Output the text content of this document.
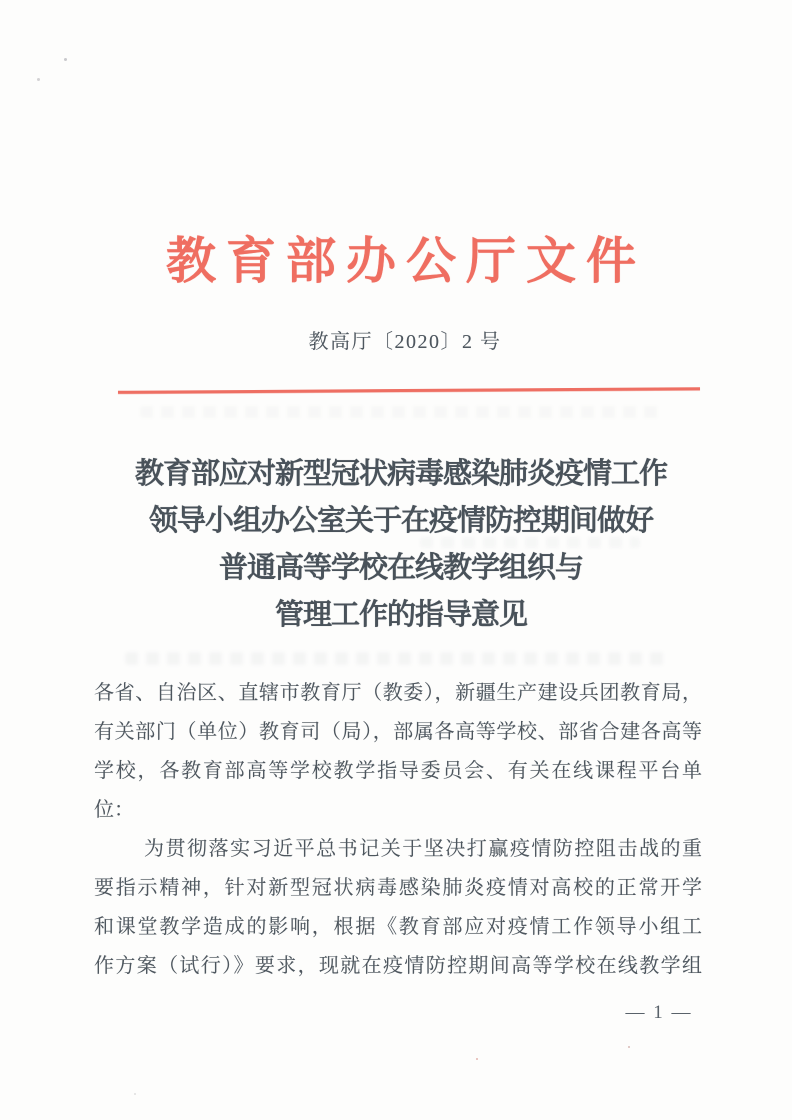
教育部办公厅文件
教高厅〔2020〕2 号
教育部应对新型冠状病毒感染肺炎疫情工作
领导小组办公室关于在疫情防控期间做好
普通高等学校在线教学组织与
管理工作的指导意见
各省、自治区、直辖市教育厅（教委），新疆生产建设兵团教育局，
有关部门（单位）教育司（局），部属各高等学校、部省合建各高等
学校，各教育部高等学校教学指导委员会、有关在线课程平台单
位：
为贯彻落实习近平总书记关于坚决打赢疫情防控阻击战的重
要指示精神，针对新型冠状病毒感染肺炎疫情对高校的正常开学
和课堂教学造成的影响，根据《教育部应对疫情工作领导小组工
作方案（试行）》要求，现就在疫情防控期间高等学校在线教学组
— 1 —
